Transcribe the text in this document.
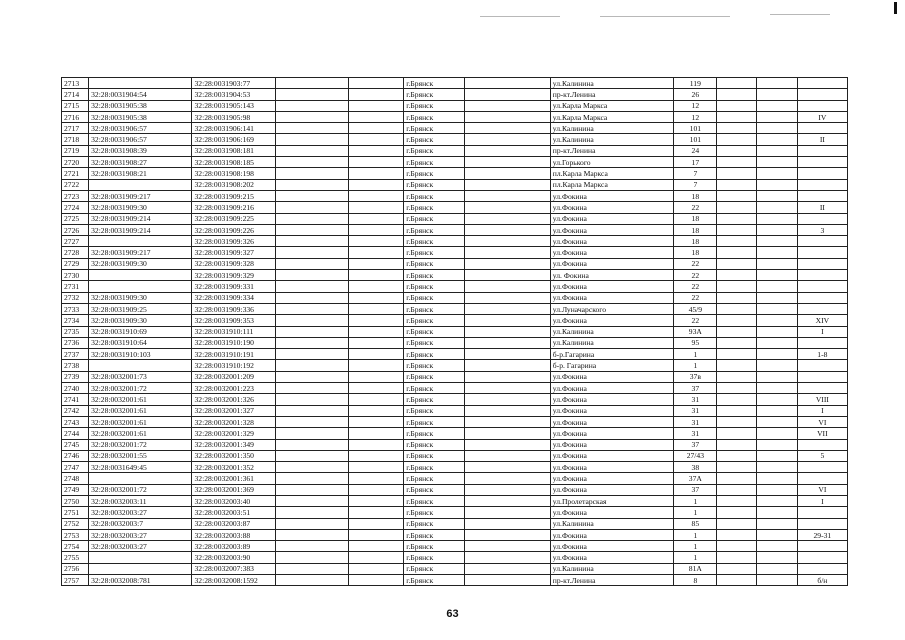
2713		32:28:0031903:77			г.Брянск		ул.Калинина	119			
2714	32:28:0031904:54	32:28:0031904:53			г.Брянск		пр-кт.Ленина	26			
2715	32:28:0031905:38	32:28:0031905:143			г.Брянск		ул.Карла Маркса	12			
2716	32:28:0031905:38	32:28:0031905:98			г.Брянск		ул.Карла Маркса	12			IV
2717	32:28:0031906:57	32:28:0031906:141			г.Брянск		ул.Калинина	101			
2718	32:28:0031906:57	32:28:0031906:169			г.Брянск		ул.Калинина	101			II
2719	32:28:0031908:39	32:28:0031908:181			г.Брянск		пр-кт.Ленина	24			
2720	32:28:0031908:27	32:28:0031908:185			г.Брянск		ул.Горького	17			
2721	32:28:0031908:21	32:28:0031908:198			г.Брянск		пл.Карла Маркса	7			
2722		32:28:0031908:202			г.Брянск		пл.Карла Маркса	7			
2723	32:28:0031909:217	32:28:0031909:215			г.Брянск		ул.Фокина	18			
2724	32:28:0031909:30	32:28:0031909:216			г.Брянск		ул.Фокина	22			II
2725	32:28:0031909:214	32:28:0031909:225			г.Брянск		ул.Фокина	18			
2726	32:28:0031909:214	32:28:0031909:226			г.Брянск		ул.Фокина	18			3
2727		32:28:0031909:326			г.Брянск		ул.Фокина	18			
2728	32:28:0031909:217	32:28:0031909:327			г.Брянск		ул.Фокина	18			
2729	32:28:0031909:30	32:28:0031909:328			г.Брянск		ул.Фокина	22			
2730		32:28:0031909:329			г.Брянск		ул. Фокина	22			
2731		32:28:0031909:331			г.Брянск		ул.Фокина	22			
2732	32:28:0031909:30	32:28:0031909:334			г.Брянск		ул.Фокина	22			
2733	32:28:0031909:25	32:28:0031909:336			г.Брянск		ул.Луначарского	45/9			
2734	32:28:0031909:30	32:28:0031909:353			г.Брянск		ул.Фокина	22			XIV
2735	32:28:0031910:69	32:28:0031910:111			г.Брянск		ул.Калинина	93А			I
2736	32:28:0031910:64	32:28:0031910:190			г.Брянск		ул.Калинина	95			
2737	32:28:0031910:103	32:28:0031910:191			г.Брянск		б-р.Гагарина	1			1-8
2738		32:28:0031910:192			г.Брянск		б-р. Гагарина	1			
2739	32:28:0032001:73	32:28:0032001:209			г.Брянск		ул.Фокина	37в			
2740	32:28:0032001:72	32:28:0032001:223			г.Брянск		ул.Фокина	37			
2741	32:28:0032001:61	32:28:0032001:326			г.Брянск		ул.Фокина	31			VIII
2742	32:28:0032001:61	32:28:0032001:327			г.Брянск		ул.Фокина	31			I
2743	32:28:0032001:61	32:28:0032001:328			г.Брянск		ул.Фокина	31			VI
2744	32:28:0032001:61	32:28:0032001:329			г.Брянск		ул.Фокина	31			VII
2745	32:28:0032001:72	32:28:0032001:349			г.Брянск		ул.Фокина	37			
2746	32:28:0032001:55	32:28:0032001:350			г.Брянск		ул.Фокина	27/43			5
2747	32:28:0031649:45	32:28:0032001:352			г.Брянск		ул.Фокина	38			
2748		32:28:0032001:361			г.Брянск		ул.Фокина	37А			
2749	32:28:0032001:72	32:28:0032001:369			г.Брянск		ул.Фокина	37			VI
2750	32:28:0032003:11	32:28:0032003:40			г.Брянск		ул.Пролетарская	1			I
2751	32:28:0032003:27	32:28:0032003:51			г.Брянск		ул.Фокина	1			
2752	32:28:0032003:7	32:28:0032003:87			г.Брянск		ул.Калинина	85			
2753	32:28:0032003:27	32:28:0032003:88			г.Брянск		ул.Фокина	1			29-31
2754	32:28:0032003:27	32:28:0032003:89			г.Брянск		ул.Фокина	1			
2755		32:28:0032003:90			г.Брянск		ул.Фокина	1			
2756		32:28:0032007:383			г.Брянск		ул.Калинина	81А			
2757	32:28:0032008:781	32:28:0032008:1592			г.Брянск		пр-кт.Ленина	8			б/н
63
